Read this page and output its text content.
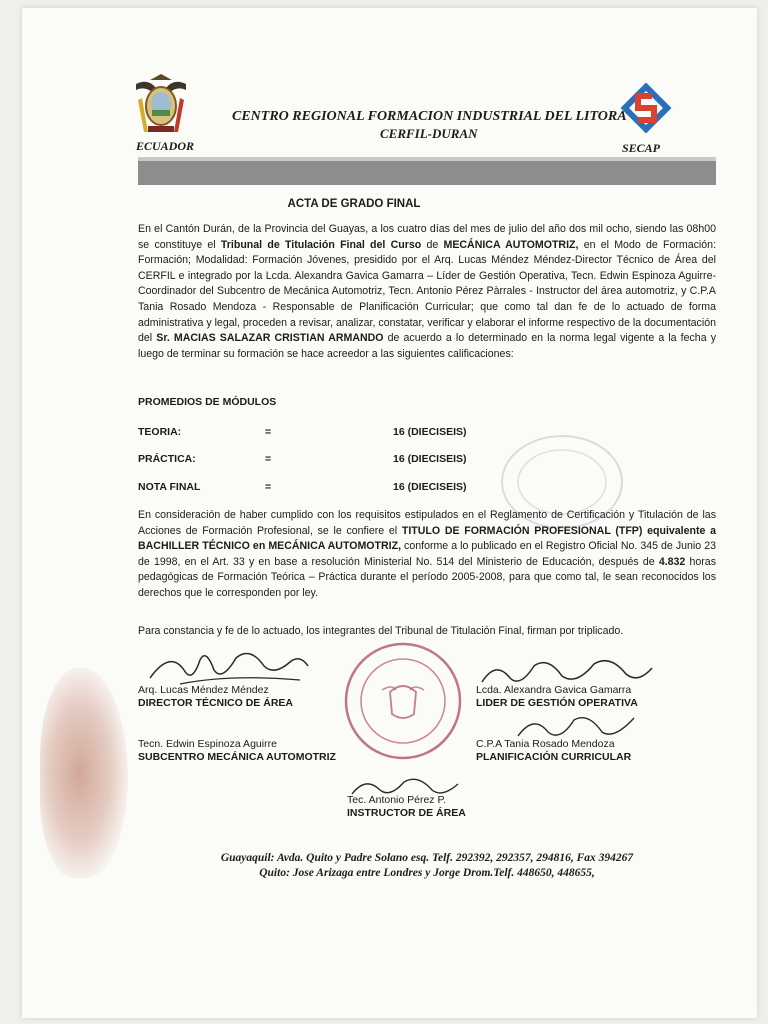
CENTRO REGIONAL FORMACION INDUSTRIAL DEL LITORA
CERFIL-DURAN
ECUADOR	SECAP
ACTA DE GRADO FINAL

En el Cantón Durán, de la Provincia del Guayas, a los cuatro días del mes de julio del año dos mil ocho, siendo las 08h00 se constituye el Tribunal de Titulación Final del Curso de MECÁNICA AUTOMOTRIZ, en el Modo de Formación: Formación; Modalidad: Formación Jóvenes, presidido por el Arq. Lucas Méndez Méndez-Director Técnico de Área del CERFIL e integrado por la Lcda. Alexandra Gavica Gamarra – Líder de Gestión Operativa, Tecn. Edwin Espinoza Aguirre- Coordinador del Subcentro de Mecánica Automotriz, Tecn. Antonio Pérez Pàrrales - Instructor del área automotriz, y C.P.A Tania Rosado Mendoza - Responsable de Planificación Curricular; que como tal dan fe de lo actuado de forma administrativa y legal, proceden a revisar, analizar, constatar, verificar y elaborar el informe respectivo de la documentación del Sr. MACIAS SALAZAR CRISTIAN ARMANDO de acuerdo a lo determinado en la norma legal vigente a la fecha y luego de terminar su formación se hace acreedor a las siguientes calificaciones:

PROMEDIOS DE MÓDULOS
TEORIA:	=	16 (DIECISEIS)
PRÁCTICA:	=	16 (DIECISEIS)
NOTA FINAL	=	16 (DIECISEIS)

En consideración de haber cumplido con los requisitos estipulados en el Reglamento de Certificación y Titulación de las Acciones de Formación Profesional, se le confiere el TITULO DE FORMACIÓN PROFESIONAL (TFP) equivalente a BACHILLER TÉCNICO en MECÁNICA AUTOMOTRIZ, conforme a lo publicado en el Registro Oficial No. 345 de Junio 23 de 1998, en el Art. 33 y en base a resolución Ministerial No. 514 del Ministerio de Educación, después de 4.832 horas pedagógicas de Formación Teórica – Práctica durante el período 2005-2008, para que como tal, le sean reconocidos los derechos que le corresponden por ley.

Para constancia y fe de lo actuado, los integrantes del Tribunal de Titulación Final, firman por triplicado.

Arq. Lucas Méndez Méndez
DIRECTOR TÉCNICO DE ÁREA
Lcda. Alexandra Gavica Gamarra
LIDER DE GESTIÓN OPERATIVA
Tecn. Edwin Espinoza Aguirre
SUBCENTRO MECÁNICA AUTOMOTRIZ
C.P.A Tania Rosado Mendoza
PLANIFICACIÓN CURRICULAR
Tec. Antonio Pérez P.
INSTRUCTOR DE ÁREA
Guayaquil: Avda. Quito y Padre Solano esq. Telf. 292392, 292357, 294816, Fax 394267
Quito: Jose Arizaga entre Londres y Jorge Drom.Telf. 448650, 448655,
